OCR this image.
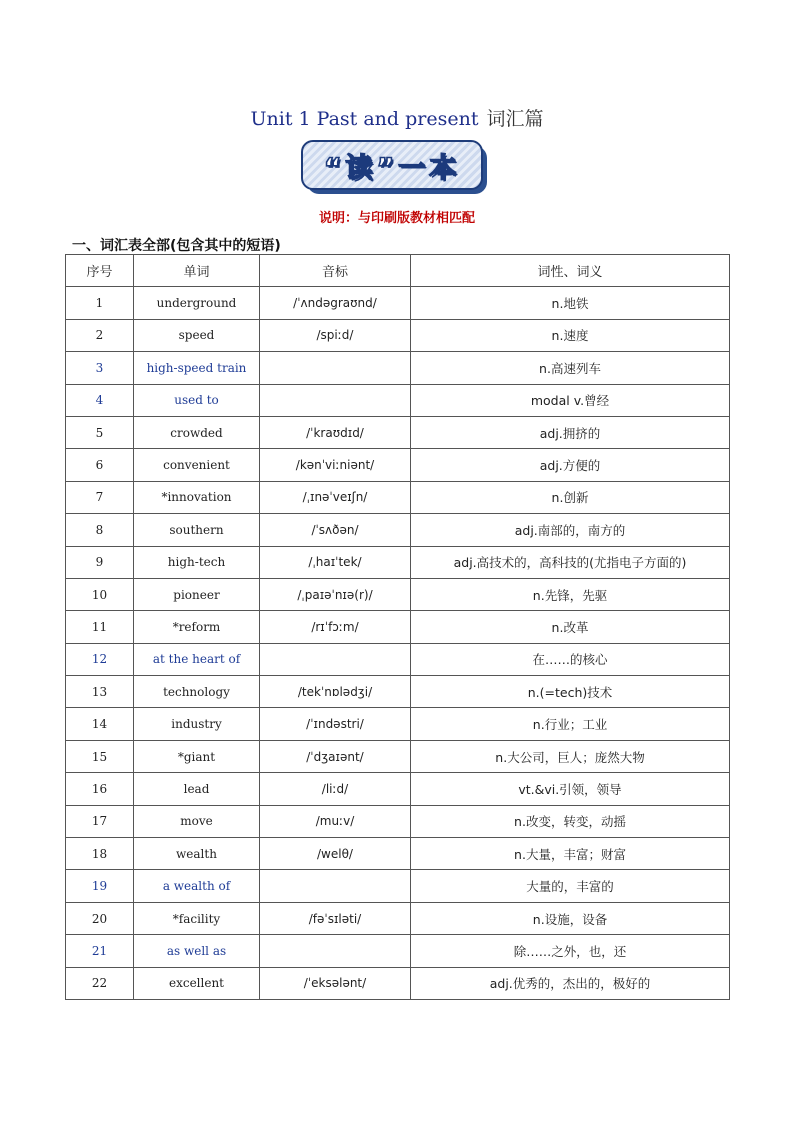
Unit 1 Past and present 词汇篇
“读”一本
说明：与印刷版教材相匹配
一、词汇表全部(包含其中的短语)
序号	单词	音标	词性、词义
1	underground	/ˈʌndəgraʊnd/	n.地铁
2	speed	/spiːd/	n.速度
3	high-speed train		n.高速列车
4	used to		modal v.曾经
5	crowded	/ˈkraʊdɪd/	adj.拥挤的
6	convenient	/kənˈviːniənt/	adj.方便的
7	*innovation	/ˌɪnəˈveɪʃn/	n.创新
8	southern	/ˈsʌðən/	adj.南部的，南方的
9	high-tech	/ˌhaɪˈtek/	adj.高技术的，高科技的(尤指电子方面的)
10	pioneer	/ˌpaɪəˈnɪə(r)/	n.先锋，先驱
11	*reform	/rɪˈfɔːm/	n.改革
12	at the heart of		在……的核心
13	technology	/tekˈnɒlədʒi/	n.(=tech)技术
14	industry	/ˈɪndəstri/	n.行业；工业
15	*giant	/ˈdʒaɪənt/	n.大公司，巨人；庞然大物
16	lead	/liːd/	vt.&vi.引领，领导
17	move	/muːv/	n.改变，转变，动摇
18	wealth	/welθ/	n.大量，丰富；财富
19	a wealth of		大量的，丰富的
20	*facility	/fəˈsɪləti/	n.设施，设备
21	as well as		除……之外，也，还
22	excellent	/ˈeksələnt/	adj.优秀的，杰出的，极好的
